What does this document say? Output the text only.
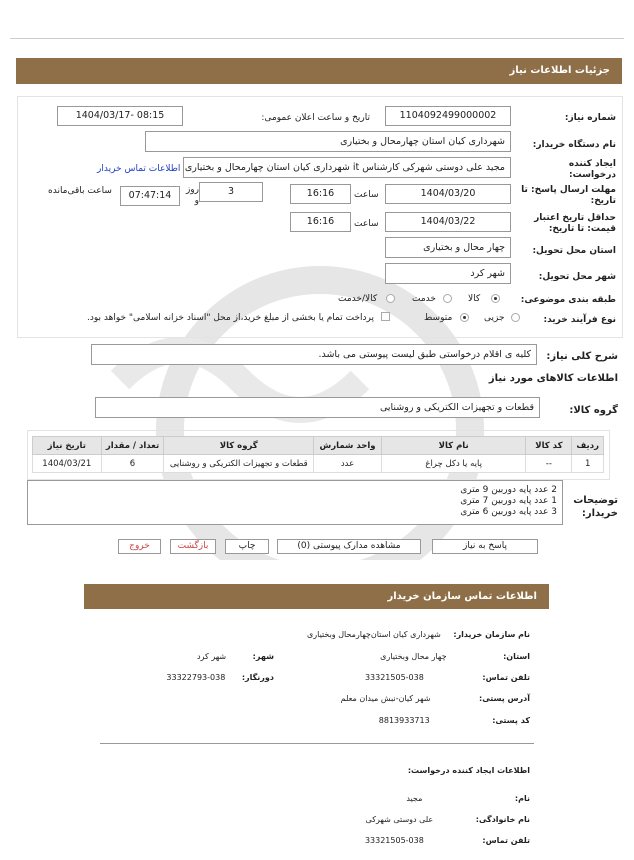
جزئیات اطلاعات نیاز
شماره نیاز:
1104092499000002
تاریخ و ساعت اعلان عمومی:
1404/03/17- 08:15
نام دستگاه خریدار:
شهرداری کیان استان چهارمحال و بختیاری
ایجاد کننده درخواست:
مجید علی دوستی شهرکی کارشناس it شهرداری کیان استان چهارمحال و بختیاری
اطلاعات تماس خریدار
مهلت ارسال پاسخ: تا تاریخ:
1404/03/20
ساعت
16:16
3
روز و
07:47:14
ساعت باقی‌مانده
حداقل تاریخ اعتبار قیمت: تا تاریخ:
1404/03/22
ساعت
16:16
استان محل تحویل:
چهار محال و بختیاری
شهر محل تحویل:
شهر کرد
طبقه بندی موضوعی:
کالا
خدمت
کالا/خدمت
نوع فرآیند خرید:
جزیی
متوسط
پرداخت تمام یا بخشی از مبلغ خرید،از محل "اسناد خزانه اسلامی" خواهد بود.
شرح کلی نیاز:
کلیه ی اقلام درخواستی طبق لیست پیوستی می باشد.
اطلاعات کالاهای مورد نیاز
گروه کالا:
قطعات و تجهیزات الکتریکی و روشنایی
ردیف	کد کالا	نام کالا	واحد شمارش	گروه کالا	تعداد / مقدار	تاریخ نیاز
1	--	پایه یا دکل چراغ	عدد	قطعات و تجهیزات الکتریکی و روشنایی	6	1404/03/21
توضیحات خریدار:
2 عدد پایه دوربین 9 متری
1 عدد پایه دوربین 7 متری
3 عدد پایه دوربین 6 متری
پاسخ به نیاز
مشاهده مدارک پیوستی (0)
چاپ
بازگشت
خروج
اطلاعات تماس سازمان خریدار
نام سازمان خریدار: شهرداری کیان استان‌چهارمحال وبختیاری
استان: چهار محال وبختیاری
شهر: شهر کرد
تلفن تماس: 038-33321505
دورنگار: 038-33322793
آدرس پستی: شهر کیان-نبش میدان معلم
کد پستی: 8813933713
اطلاعات ایجاد کننده درخواست:
نام: مجید
نام خانوادگی: علی دوستی شهرکی
تلفن تماس: 038-33321505
